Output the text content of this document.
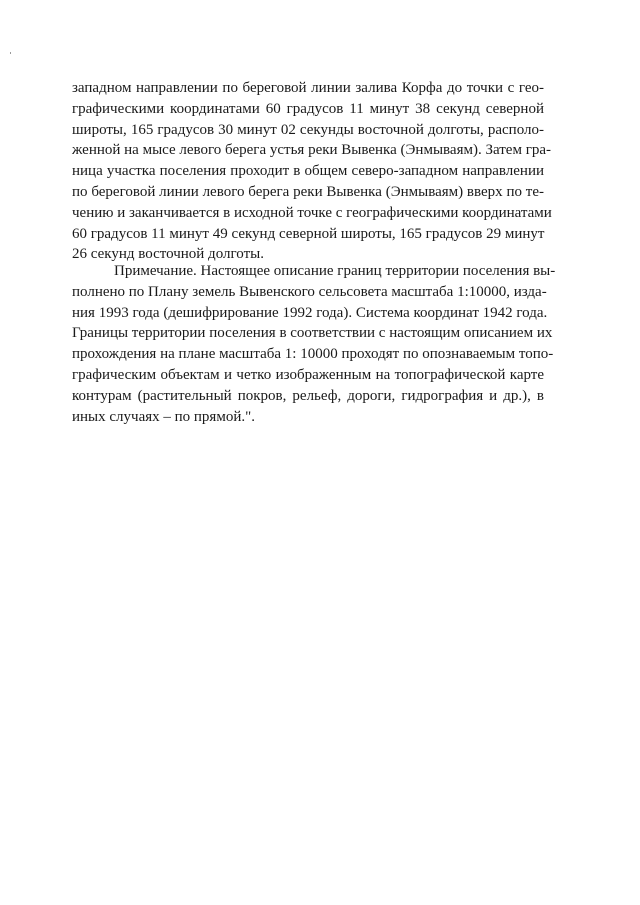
западном направлении по береговой линии залива Корфа до точки с гео-
графическими координатами 60 градусов 11 минут 38 секунд северной
широты, 165 градусов 30 минут 02 секунды восточной долготы, располо-
женной на мысе левого берега устья реки Вывенка (Энмываям). Затем гра-
ница участка поселения проходит в общем северо-западном направлении
по береговой линии левого берега реки Вывенка (Энмываям) вверх по те-
чению и заканчивается в исходной точке с географическими координатами
60 градусов 11 минут 49 секунд северной широты, 165 градусов 29 минут
26 секунд восточной долготы.
Примечание. Настоящее описание границ территории поселения вы-
полнено по Плану земель Вывенского сельсовета масштаба 1:10000, изда-
ния 1993 года (дешифрирование 1992 года). Система координат 1942 года.
Границы территории поселения в соответствии с настоящим описанием их
прохождения на плане масштаба 1: 10000 проходят по опознаваемым топо-
графическим объектам и четко изображенным на топографической карте
контурам (растительный покров, рельеф, дороги, гидрография и др.), в
иных случаях – по прямой.".
